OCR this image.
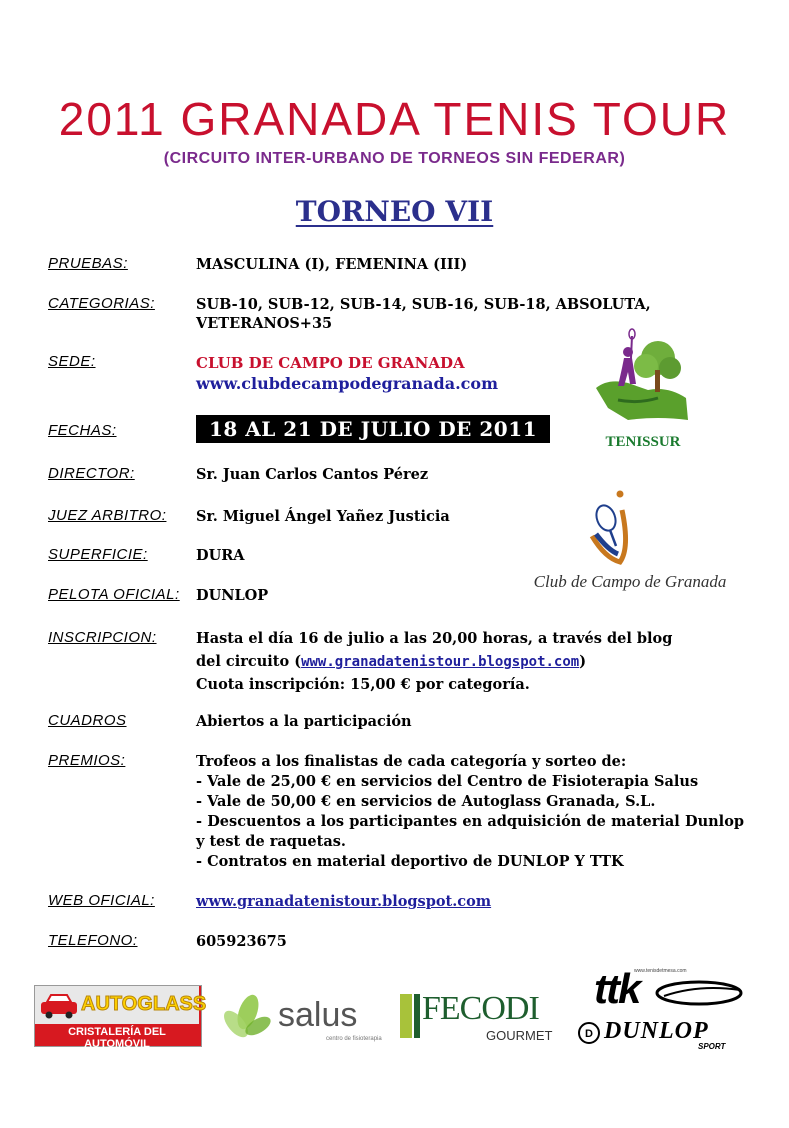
2011 GRANADA TENIS TOUR
(CIRCUITO INTER-URBANO DE TORNEOS SIN FEDERAR)
TORNEO VII
PRUEBAS:	MASCULINA (I), FEMENINA (III)
CATEGORIAS:	SUB-10, SUB-12, SUB-14, SUB-16, SUB-18, ABSOLUTA,
VETERANOS+35
SEDE:	CLUB DE CAMPO DE GRANADA
www.clubdecampodegranada.com
TENISSUR
FECHAS:	18 AL 21 DE JULIO DE 2011
DIRECTOR:	Sr. Juan Carlos Cantos Pérez
JUEZ ARBITRO: Sr. Miguel Ángel Yañez Justicia
Club de Campo de Granada
SUPERFICIE:	DURA
PELOTA OFICIAL: DUNLOP
INSCRIPCION:	Hasta el día 16 de julio a las 20,00 horas, a través del blog
del circuito (www.granadatenistour.blogspot.com)
Cuota inscripción: 15,00 € por categoría.
CUADROS	Abiertos a la participación
PREMIOS:	Trofeos a los finalistas de cada categoría y sorteo de:
- Vale de 25,00 € en servicios del Centro de Fisioterapia Salus
- Vale de 50,00 € en servicios de Autoglass Granada, S.L.
- Descuentos a los participantes en adquisición de material Dunlop y test de raquetas.
- Contratos en material deportivo de DUNLOP Y TTK
WEB OFICIAL:	www.granadatenistour.blogspot.com
TELEFONO:	605923675
AUTOGLASS
CRISTALERÍA DEL AUTOMÓVIL
salus
centro de fisioterapia
FECODI
GOURMET
www.tenisdetmesa.com
ttk
D DUNLOP
SPORT
